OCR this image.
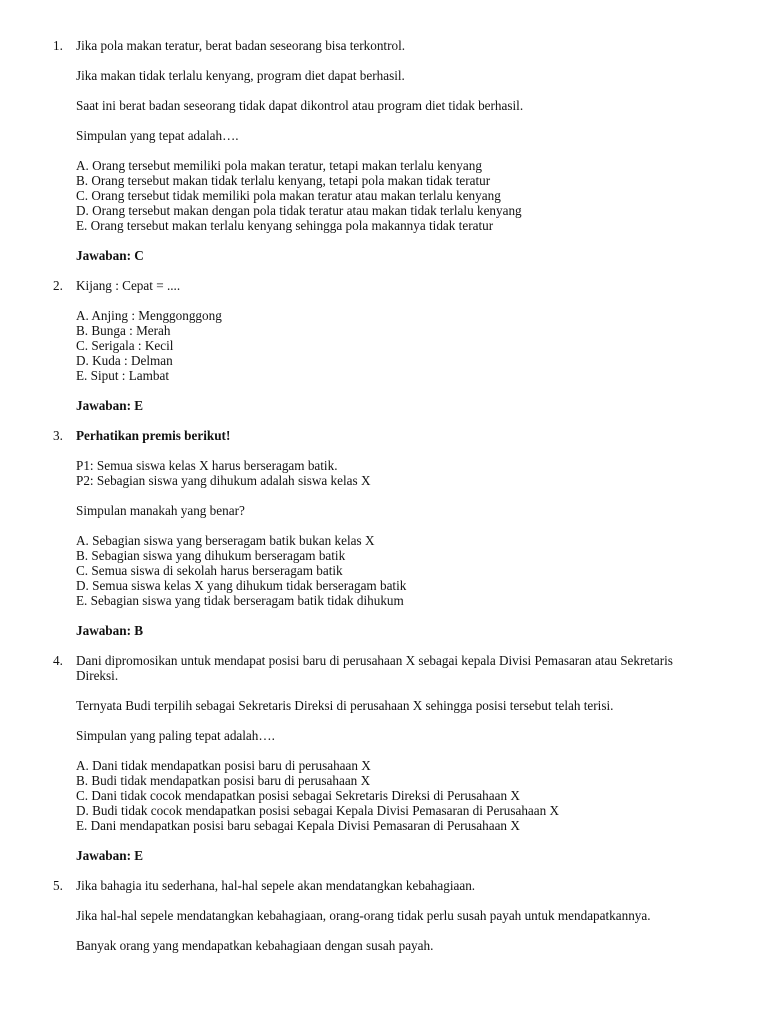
1. Jika pola makan teratur, berat badan seseorang bisa terkontrol.

Jika makan tidak terlalu kenyang, program diet dapat berhasil.

Saat ini berat badan seseorang tidak dapat dikontrol atau program diet tidak berhasil.

Simpulan yang tepat adalah….

A. Orang tersebut memiliki pola makan teratur, tetapi makan terlalu kenyang
B. Orang tersebut makan tidak terlalu kenyang, tetapi pola makan tidak teratur
C. Orang tersebut tidak memiliki pola makan teratur atau makan terlalu kenyang
D. Orang tersebut makan dengan pola tidak teratur atau makan tidak terlalu kenyang
E. Orang tersebut makan terlalu kenyang sehingga pola makannya tidak teratur

Jawaban: C

2. Kijang : Cepat = ....

A. Anjing : Menggonggong
B. Bunga : Merah
C. Serigala : Kecil
D. Kuda : Delman
E. Siput : Lambat

Jawaban: E

3. Perhatikan premis berikut!

P1: Semua siswa kelas X harus berseragam batik.

P2: Sebagian siswa yang dihukum adalah siswa kelas X

Simpulan manakah yang benar?

A. Sebagian siswa yang berseragam batik bukan kelas X
B. Sebagian siswa yang dihukum berseragam batik
C. Semua siswa di sekolah harus berseragam batik
D. Semua siswa kelas X yang dihukum tidak berseragam batik
E. Sebagian siswa yang tidak berseragam batik tidak dihukum

Jawaban: B

4. Dani dipromosikan untuk mendapat posisi baru di perusahaan X sebagai kepala Divisi Pemasaran atau Sekretaris Direksi.

Ternyata Budi terpilih sebagai Sekretaris Direksi di perusahaan X sehingga posisi tersebut telah terisi.

Simpulan yang paling tepat adalah….

A. Dani tidak mendapatkan posisi baru di perusahaan X
B. Budi tidak mendapatkan posisi baru di perusahaan X
C. Dani tidak cocok mendapatkan posisi sebagai Sekretaris Direksi di Perusahaan X
D. Budi tidak cocok mendapatkan posisi sebagai Kepala Divisi Pemasaran di Perusahaan X
E. Dani mendapatkan posisi baru sebagai Kepala Divisi Pemasaran di Perusahaan X

Jawaban: E

5. Jika bahagia itu sederhana, hal-hal sepele akan mendatangkan kebahagiaan.

Jika hal-hal sepele mendatangkan kebahagiaan, orang-orang tidak perlu susah payah untuk mendapatkannya.

Banyak orang yang mendapatkan kebahagiaan dengan susah payah.
